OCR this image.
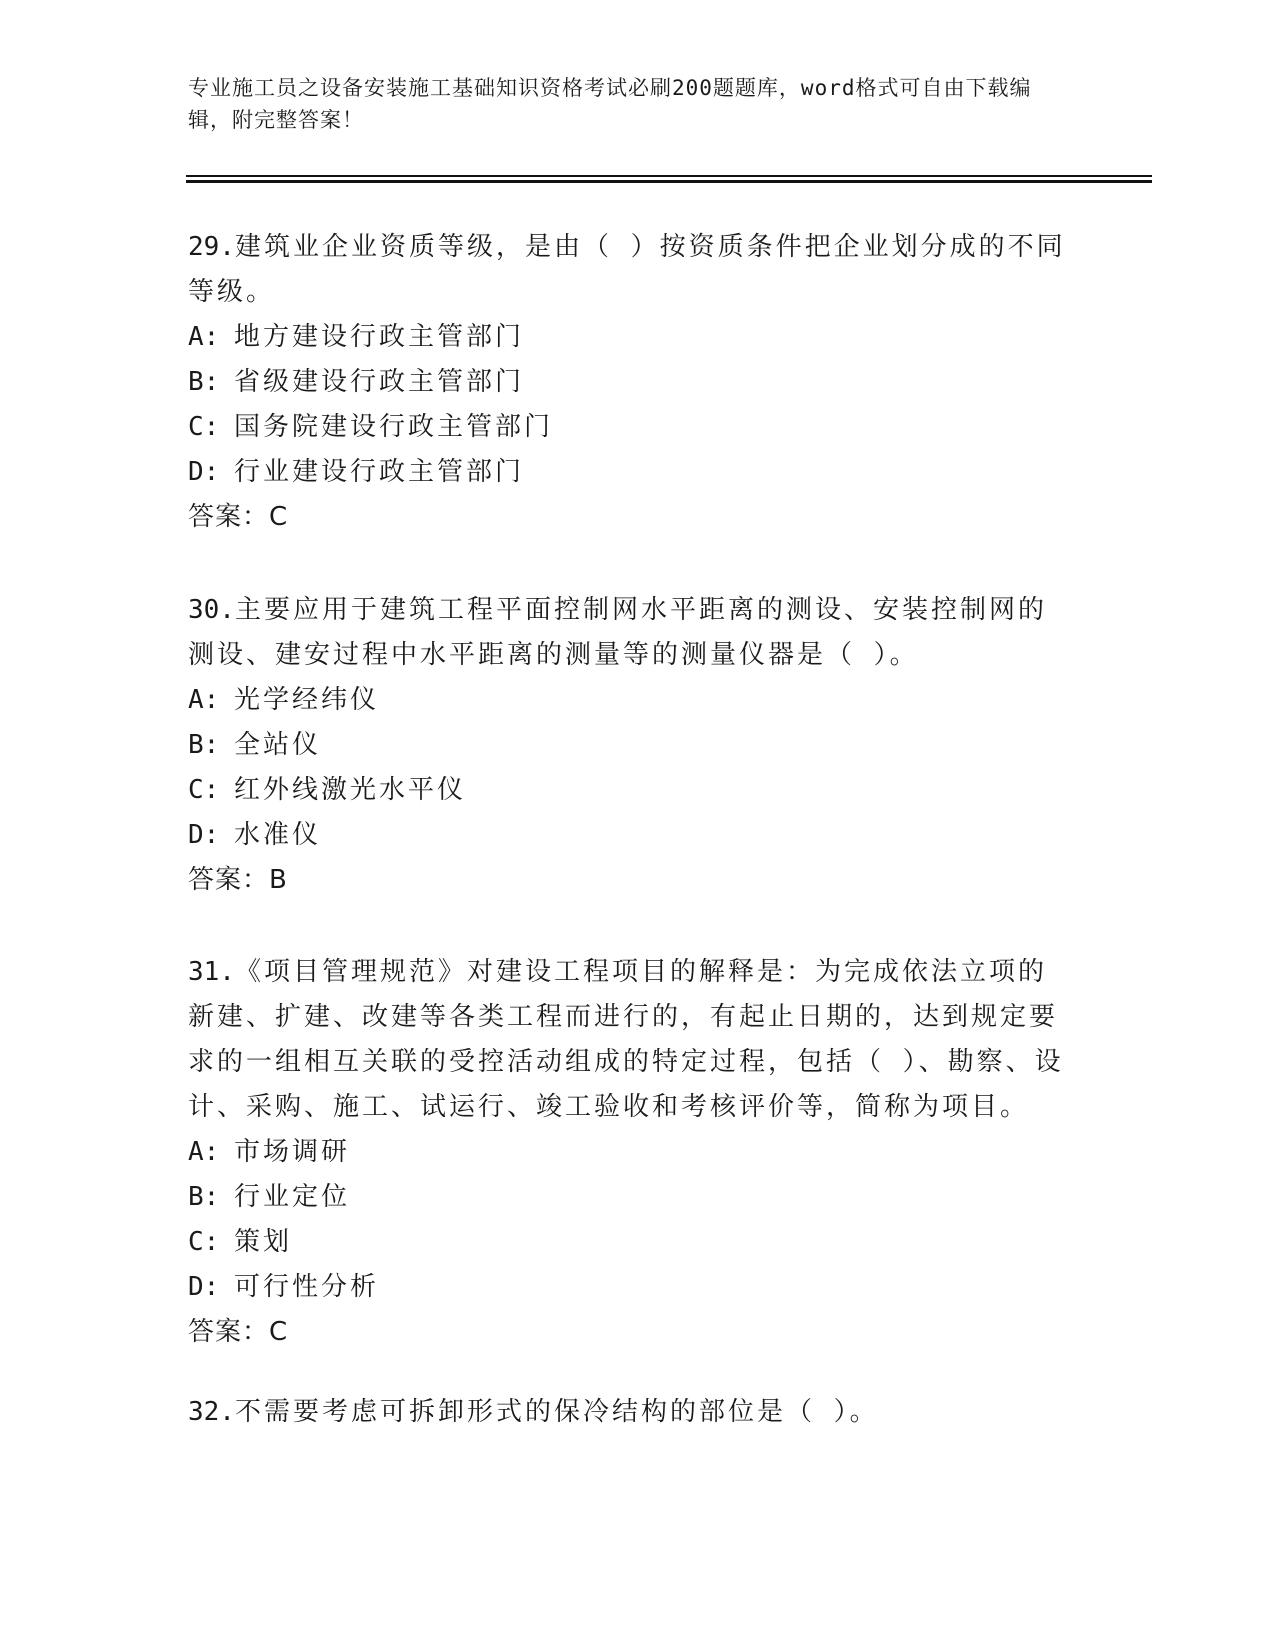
专业施工员之设备安装施工基础知识资格考试必刷200题题库，word格式可自由下载编辑，附完整答案！
29.建筑业企业资质等级，是由（ ）按资质条件把企业划分成的不同等级。
A: 地方建设行政主管部门
B: 省级建设行政主管部门
C: 国务院建设行政主管部门
D: 行业建设行政主管部门
答案：C
30.主要应用于建筑工程平面控制网水平距离的测设、安装控制网的测设、建安过程中水平距离的测量等的测量仪器是（ ）。
A: 光学经纬仪
B: 全站仪
C: 红外线激光水平仪
D: 水准仪
答案：B
31.《项目管理规范》对建设工程项目的解释是：为完成依法立项的新建、扩建、改建等各类工程而进行的，有起止日期的，达到规定要求的一组相互关联的受控活动组成的特定过程，包括（ ）、勘察、设计、采购、施工、试运行、竣工验收和考核评价等，简称为项目。
A: 市场调研
B: 行业定位
C: 策划
D: 可行性分析
答案：C
32.不需要考虑可拆卸形式的保冷结构的部位是（ ）。
